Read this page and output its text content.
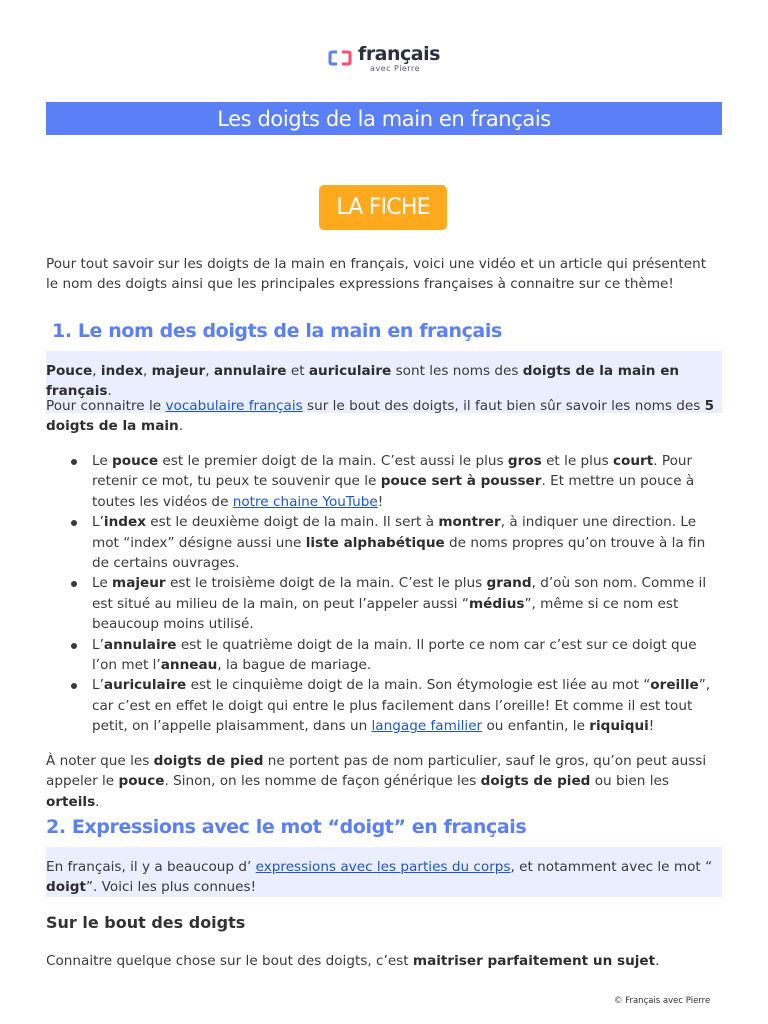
français
avec Pierre
Les doigts de la main en français
LA FICHE

Pour tout savoir sur les doigts de la main en français, voici une vidéo et un article qui présentent le nom des doigts ainsi que les principales expressions françaises à connaitre sur ce thème!

1. Le nom des doigts de la main en français

Pouce, index, majeur, annulaire et auriculaire sont les noms des doigts de la main en français.

Pour connaitre le vocabulaire français sur le bout des doigts, il faut bien sûr savoir les noms des 5 doigts de la main.

Le pouce est le premier doigt de la main. C’est aussi le plus gros et le plus court. Pour retenir ce mot, tu peux te souvenir que le pouce sert à pousser. Et mettre un pouce à toutes les vidéos de notre chaine YouTube!
L’index est le deuxième doigt de la main. Il sert à montrer, à indiquer une direction. Le mot “index” désigne aussi une liste alphabétique de noms propres qu’on trouve à la fin de certains ouvrages.
Le majeur est le troisième doigt de la main. C’est le plus grand, d’où son nom. Comme il est situé au milieu de la main, on peut l’appeler aussi “médius”, même si ce nom est beaucoup moins utilisé.
L’annulaire est le quatrième doigt de la main. Il porte ce nom car c’est sur ce doigt que l’on met l’anneau, la bague de mariage.
L’auriculaire est le cinquième doigt de la main. Son étymologie est liée au mot “oreille”, car c’est en effet le doigt qui entre le plus facilement dans l’oreille! Et comme il est tout petit, on l’appelle plaisamment, dans un langage familier ou enfantin, le riquiqui!

À noter que les doigts de pied ne portent pas de nom particulier, sauf le gros, qu’on peut aussi appeler le pouce. Sinon, on les nomme de façon générique les doigts de pied ou bien les orteils.

2. Expressions avec le mot “doigt” en français

En français, il y a beaucoup d’ expressions avec les parties du corps, et notamment avec le mot “ doigt”. Voici les plus connues!

Sur le bout des doigts

Connaitre quelque chose sur le bout des doigts, c’est maitriser parfaitement un sujet.

© Français avec Pierre
